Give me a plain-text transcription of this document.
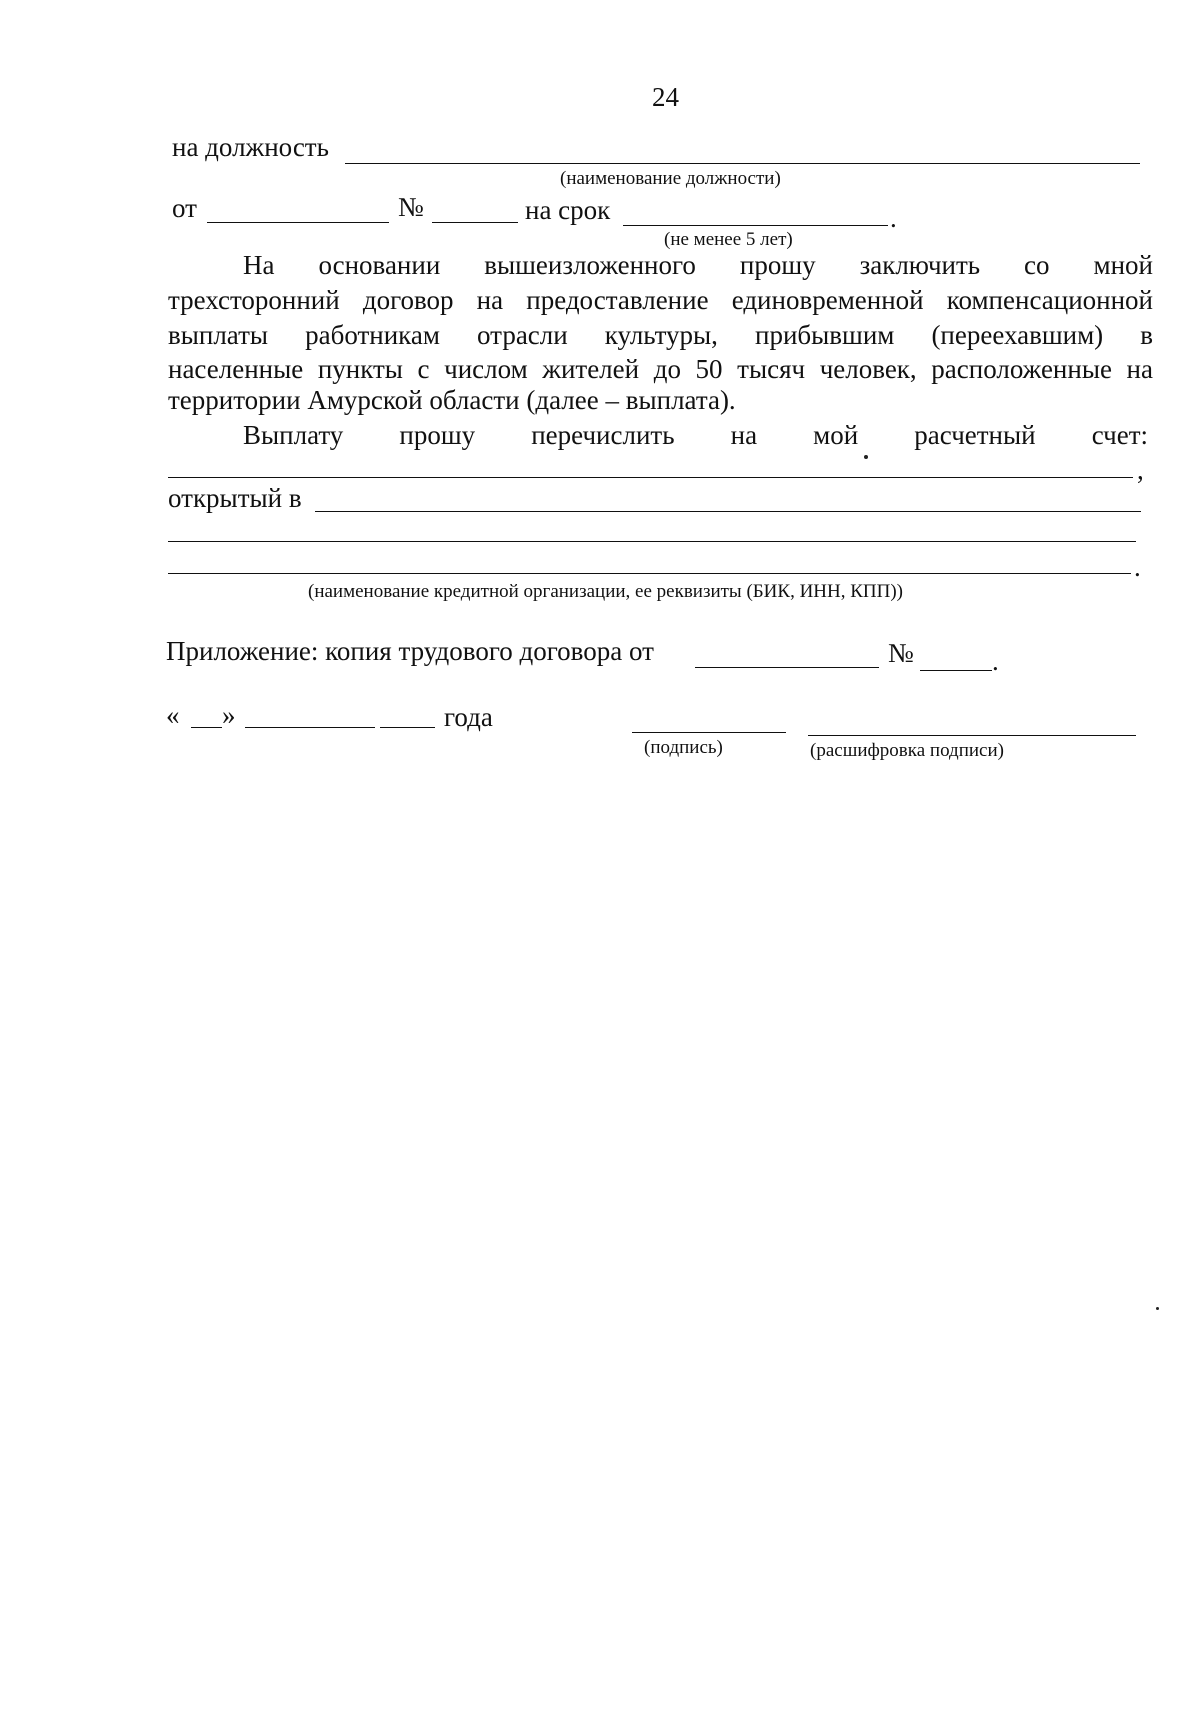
24
на должность
(наименование должности)
от	№	на срок	.
(не менее 5 лет)
На основании вышеизложенного прошу заключить со мной
трехсторонний договор на предоставление единовременной компенсационной
выплаты работникам отрасли культуры, прибывшим (переехавшим) в
населенные пункты с числом жителей до 50 тысяч человек, расположенные на
территории Амурской области (далее – выплата).
Выплату прошу перечислить на мой расчетный счет:
,
открытый в
.
(наименование кредитной организации, ее реквизиты (БИК, ИНН, КПП))
Приложение: копия трудового договора от	№	.
« »	года
(подпись)	(расшифровка подписи)
